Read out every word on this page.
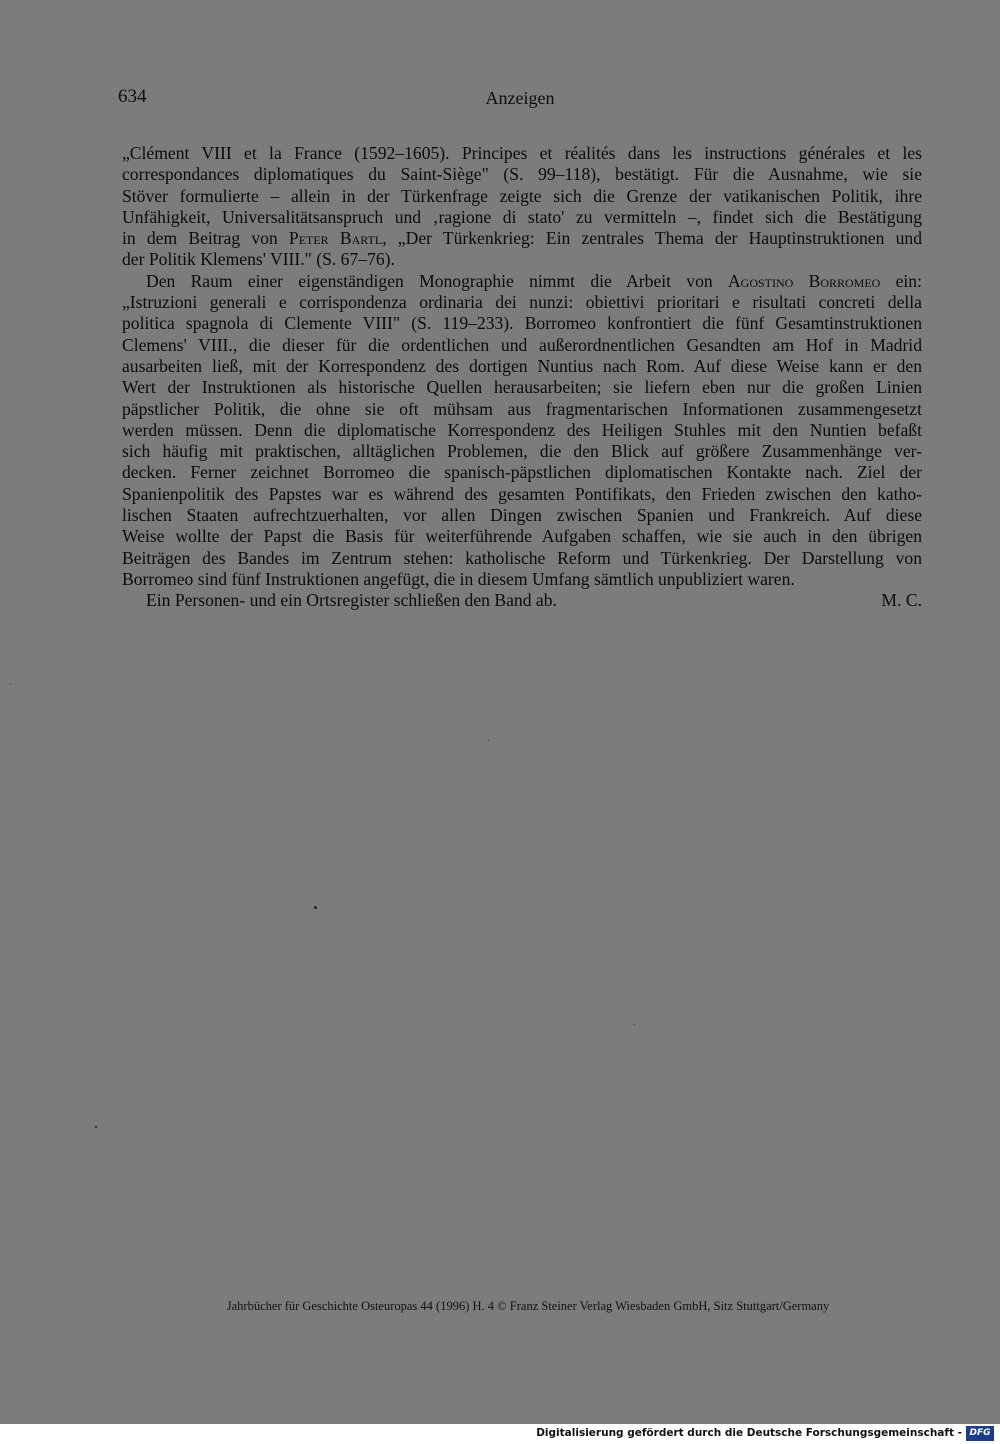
634	Anzeigen
„Clément VIII et la France (1592–1605). Principes et réalités dans les instructions générales et les
correspondances diplomatiques du Saint-Siège" (S. 99–118), bestätigt. Für die Ausnahme, wie sie
Stöver formulierte – allein in der Türkenfrage zeigte sich die Grenze der vatikanischen Politik, ihre
Unfähigkeit, Universalitätsanspruch und ‚ragione di stato' zu vermitteln –, findet sich die Bestätigung
in dem Beitrag von Peter Bartl, „Der Türkenkrieg: Ein zentrales Thema der Hauptinstruktionen und
der Politik Klemens' VIII." (S. 67–76).
Den Raum einer eigenständigen Monographie nimmt die Arbeit von Agostino Borromeo ein:
„Istruzioni generali e corrispondenza ordinaria dei nunzi: obiettivi prioritari e risultati concreti della
politica spagnola di Clemente VIII" (S. 119–233). Borromeo konfrontiert die fünf Gesamtinstruktionen
Clemens' VIII., die dieser für die ordentlichen und außerordnentlichen Gesandten am Hof in Madrid
ausarbeiten ließ, mit der Korrespondenz des dortigen Nuntius nach Rom. Auf diese Weise kann er den
Wert der Instruktionen als historische Quellen herausarbeiten; sie liefern eben nur die großen Linien
päpstlicher Politik, die ohne sie oft mühsam aus fragmentarischen Informationen zusammengesetzt
werden müssen. Denn die diplomatische Korrespondenz des Heiligen Stuhles mit den Nuntien befaßt
sich häufig mit praktischen, alltäglichen Problemen, die den Blick auf größere Zusammenhänge ver-
decken. Ferner zeichnet Borromeo die spanisch-päpstlichen diplomatischen Kontakte nach. Ziel der
Spanienpolitik des Papstes war es während des gesamten Pontifikats, den Frieden zwischen den katho-
lischen Staaten aufrechtzuerhalten, vor allen Dingen zwischen Spanien und Frankreich. Auf diese
Weise wollte der Papst die Basis für weiterführende Aufgaben schaffen, wie sie auch in den übrigen
Beiträgen des Bandes im Zentrum stehen: katholische Reform und Türkenkrieg. Der Darstellung von
Borromeo sind fünf Instruktionen angefügt, die in diesem Umfang sämtlich unpubliziert waren.
Ein Personen- und ein Ortsregister schließen den Band ab.	M. C.
Jahrbücher für Geschichte Osteuropas 44 (1996) H. 4 © Franz Steiner Verlag Wiesbaden GmbH, Sitz Stuttgart/Germany
Digitalisierung gefördert durch die Deutsche Forschungsgemeinschaft - DFG
